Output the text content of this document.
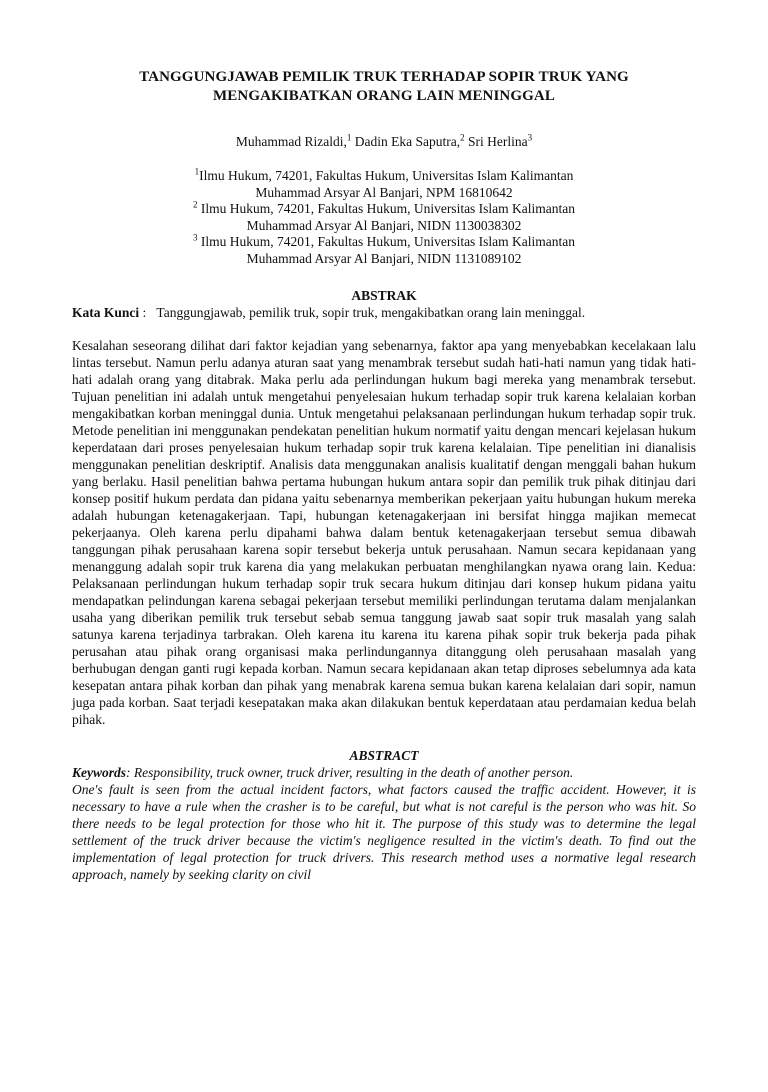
TANGGUNGJAWAB PEMILIK TRUK TERHADAP SOPIR TRUK YANG
MENGAKIBATKAN ORANG LAIN MENINGGAL
Muhammad Rizaldi,$^1$ Dadin Eka Saputra,$^2$ Sri Herlina$^3$
$^1$Ilmu Hukum, 74201, Fakultas Hukum, Universitas Islam Kalimantan
Muhammad Arsyar Al Banjari, NPM 16810642
$^2$ Ilmu Hukum, 74201, Fakultas Hukum, Universitas Islam Kalimantan
Muhammad Arsyar Al Banjari, NIDN 1130038302
$^3$ Ilmu Hukum, 74201, Fakultas Hukum, Universitas Islam Kalimantan
Muhammad Arsyar Al Banjari, NIDN 1131089102
ABSTRAK
Kata Kunci : Tanggungjawab, pemilik truk, sopir truk, mengakibatkan orang lain meninggal.
Kesalahan seseorang dilihat dari faktor kejadian yang sebenarnya, faktor apa yang menyebabkan kecelakaan lalu lintas tersebut. Namun perlu adanya aturan saat yang menambrak tersebut sudah hati-hati namun yang tidak hati-hati adalah orang yang ditabrak. Maka perlu ada perlindungan hukum bagi mereka yang menambrak tersebut. Tujuan penelitian ini adalah untuk mengetahui penyelesaian hukum terhadap sopir truk karena kelalaian korban mengakibatkan korban meninggal dunia. Untuk mengetahui pelaksanaan perlindungan hukum terhadap sopir truk. Metode penelitian ini menggunakan pendekatan penelitian hukum normatif yaitu dengan mencari kejelasan hukum keperdataan dari proses penyelesaian hukum terhadap sopir truk karena kelalaian. Tipe penelitian ini dianalisis menggunakan penelitian deskriptif. Analisis data menggunakan analisis kualitatif dengan menggali bahan hukum yang berlaku. Hasil penelitian bahwa pertama hubungan hukum antara sopir dan pemilik truk pihak ditinjau dari konsep positif hukum perdata dan pidana yaitu sebenarnya memberikan pekerjaan yaitu hubungan hukum mereka adalah hubungan ketenagakerjaan. Tapi, hubungan ketenagakerjaan ini bersifat hingga majikan memecat pekerjaanya. Oleh karena perlu dipahami bahwa dalam bentuk ketenagakerjaan tersebut semua dibawah tanggungan pihak perusahaan karena sopir tersebut bekerja untuk perusahaan. Namun secara kepidanaan yang menanggung adalah sopir truk karena dia yang melakukan perbuatan menghilangkan nyawa orang lain. Kedua: Pelaksanaan perlindungan hukum terhadap sopir truk secara hukum ditinjau dari konsep hukum pidana yaitu mendapatkan pelindungan karena sebagai pekerjaan tersebut memiliki perlindungan terutama dalam menjalankan usaha yang diberikan pemilik truk tersebut sebab semua tanggung jawab saat sopir truk masalah yang salah satunya karena terjadinya tarbrakan. Oleh karena itu karena itu karena pihak sopir truk bekerja pada pihak perusahan atau pihak orang organisasi maka perlindungannya ditanggung oleh perusahaan masalah yang berhubugan dengan ganti rugi kepada korban. Namun secara kepidanaan akan tetap diproses sebelumnya ada kata kesepatan antara pihak korban dan pihak yang menabrak karena semua bukan karena kelalaian dari sopir, namun juga pada korban. Saat terjadi kesepatakan maka akan dilakukan bentuk keperdataan atau perdamaian kedua belah pihak.
ABSTRACT
Keywords: Responsibility, truck owner, truck driver, resulting in the death of another person.
One's fault is seen from the actual incident factors, what factors caused the traffic accident. However, it is necessary to have a rule when the crasher is to be careful, but what is not careful is the person who was hit. So there needs to be legal protection for those who hit it. The purpose of this study was to determine the legal settlement of the truck driver because the victim's negligence resulted in the victim's death. To find out the implementation of legal protection for truck drivers. This research method uses a normative legal research approach, namely by seeking clarity on civil
